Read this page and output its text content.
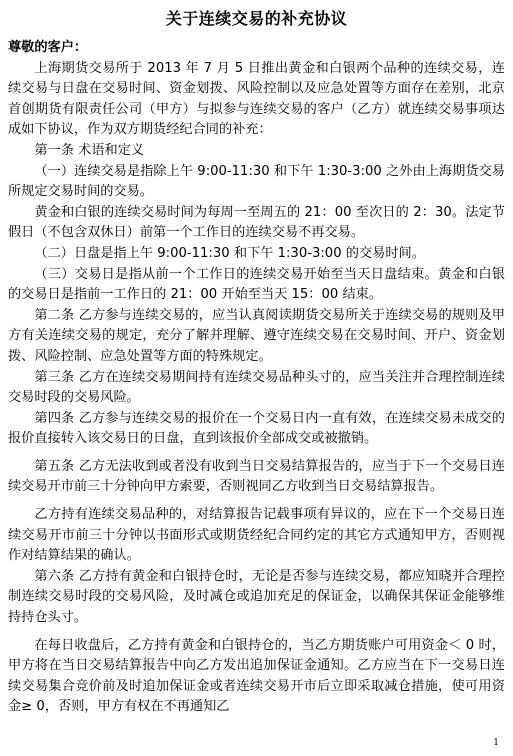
关于连续交易的补充协议

尊敬的客户：

上海期货交易所于 2013 年 7 月 5 日推出黄金和白银两个品种的连续交易，连续交易与日盘在交易时间、资金划拨、风险控制以及应急处置等方面存在差别，北京首创期货有限责任公司（甲方）与拟参与连续交易的客户（乙方）就连续交易事项达成如下协议，作为双方期货经纪合同的补充：

第一条 术语和定义

（一）连续交易是指除上午 9:00-11:30 和下午 1:30-3:00 之外由上海期货交易所规定交易时间的交易。

黄金和白银的连续交易时间为每周一至周五的 21：00 至次日的 2：30。法定节假日（不包含双休日）前第一个工作日的连续交易不再交易。

（二）日盘是指上午 9:00-11:30 和下午 1:30-3:00 的交易时间。

（三）交易日是指从前一个工作日的连续交易开始至当天日盘结束。黄金和白银的交易日是指前一工作日的 21：00 开始至当天 15：00 结束。

第二条 乙方参与连续交易的，应当认真阅读期货交易所关于连续交易的规则及甲方有关连续交易的规定，充分了解并理解、遵守连续交易在交易时间、开户、资金划拨、风险控制、应急处置等方面的特殊规定。

第三条 乙方在连续交易期间持有连续交易品种头寸的，应当关注并合理控制连续交易时段的交易风险。

第四条 乙方参与连续交易的报价在一个交易日内一直有效，在连续交易未成交的报价直接转入该交易日的日盘，直到该报价全部成交或被撤销。

第五条 乙方无法收到或者没有收到当日交易结算报告的，应当于下一个交易日连续交易开市前三十分钟向甲方索要，否则视同乙方收到当日交易结算报告。

乙方持有连续交易品种的，对结算报告记载事项有异议的，应在下一个交易日连续交易开市前三十分钟以书面形式或期货经纪合同约定的其它方式通知甲方，否则视作对结算结果的确认。

第六条 乙方持有黄金和白银持仓时，无论是否参与连续交易，都应知晓并合理控制连续交易时段的交易风险，及时减仓或追加充足的保证金，以确保其保证金能够维持持仓头寸。

在每日收盘后，乙方持有黄金和白银持仓的，当乙方期货账户可用资金＜ 0 时，甲方将在当日交易结算报告中向乙方发出追加保证金通知。乙方应当在下一交易日连续交易集合竞价前及时追加保证金或者连续交易开市后立即采取减仓措施，使可用资金≥ 0，否则，甲方有权在不再通知乙

1
